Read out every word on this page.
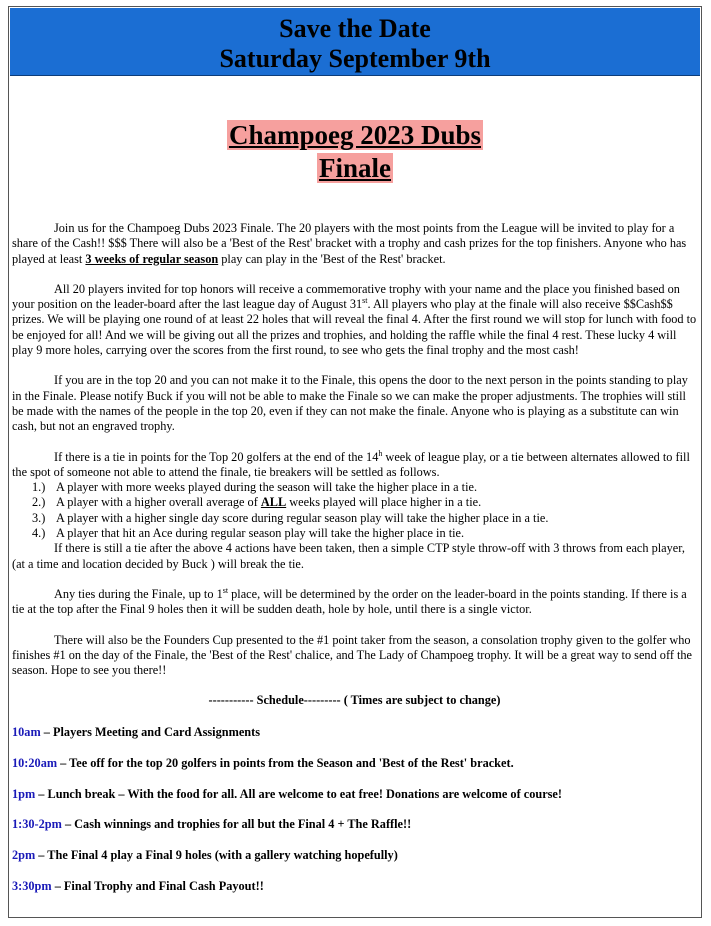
Save the Date
Saturday September 9th
Champoeg 2023 Dubs
Finale

Join us for the Champoeg Dubs 2023 Finale. The 20 players with the most points from the League will be invited to play for a share of the Cash!! $$$ There will also be a 'Best of the Rest' bracket with a trophy and cash prizes for the top finishers. Anyone who has played at least 3 weeks of regular season play can play in the 'Best of the Rest' bracket.

All 20 players invited for top honors will receive a commemorative trophy with your name and the place you finished based on your position on the leader-board after the last league day of August 31st. All players who play at the finale will also receive $$Cash$$ prizes. We will be playing one round of at least 22 holes that will reveal the final 4. After the first round we will stop for lunch with food to be enjoyed for all! And we will be giving out all the prizes and trophies, and holding the raffle while the final 4 rest. These lucky 4 will play 9 more holes, carrying over the scores from the first round, to see who gets the final trophy and the most cash!

If you are in the top 20 and you can not make it to the Finale, this opens the door to the next person in the points standing to play in the Finale. Please notify Buck if you will not be able to make the Finale so we can make the proper adjustments. The trophies will still be made with the names of the people in the top 20, even if they can not make the finale. Anyone who is playing as a substitute can win cash, but not an engraved trophy.

If there is a tie in points for the Top 20 golfers at the end of the 14$^h$ week of league play, or a tie between alternates allowed to fill the spot of someone not able to attend the finale, tie breakers will be settled as follows.
1.) A player with more weeks played during the season will take the higher place in a tie.
2.) A player with a higher overall average of ALL weeks played will place higher in a tie.
3.) A player with a higher single day score during regular season play will take the higher place in a tie.
4.) A player that hit an Ace during regular season play will take the higher place in tie.
If there is still a tie after the above 4 actions have been taken, then a simple CTP style throw-off with 3 throws from each player, (at a time and location decided by Buck ) will break the tie.

Any ties during the Finale, up to 1st place, will be determined by the order on the leader-board in the points standing. If there is a tie at the top after the Final 9 holes then it will be sudden death, hole by hole, until there is a single victor.

There will also be the Founders Cup presented to the #1 point taker from the season, a consolation trophy given to the golfer who finishes #1 on the day of the Finale, the 'Best of the Rest' chalice, and The Lady of Champoeg trophy. It will be a great way to send off the season. Hope to see you there!!

----------- Schedule--------- ( Times are subject to change)
10am – Players Meeting and Card Assignments
10:20am – Tee off for the top 20 golfers in points from the Season and 'Best of the Rest' bracket.
1pm – Lunch break – With the food for all. All are welcome to eat free! Donations are welcome of course!
1:30-2pm – Cash winnings and trophies for all but the Final 4 + The Raffle!!
2pm – The Final 4 play a Final 9 holes (with a gallery watching hopefully)
3:30pm – Final Trophy and Final Cash Payout!!
